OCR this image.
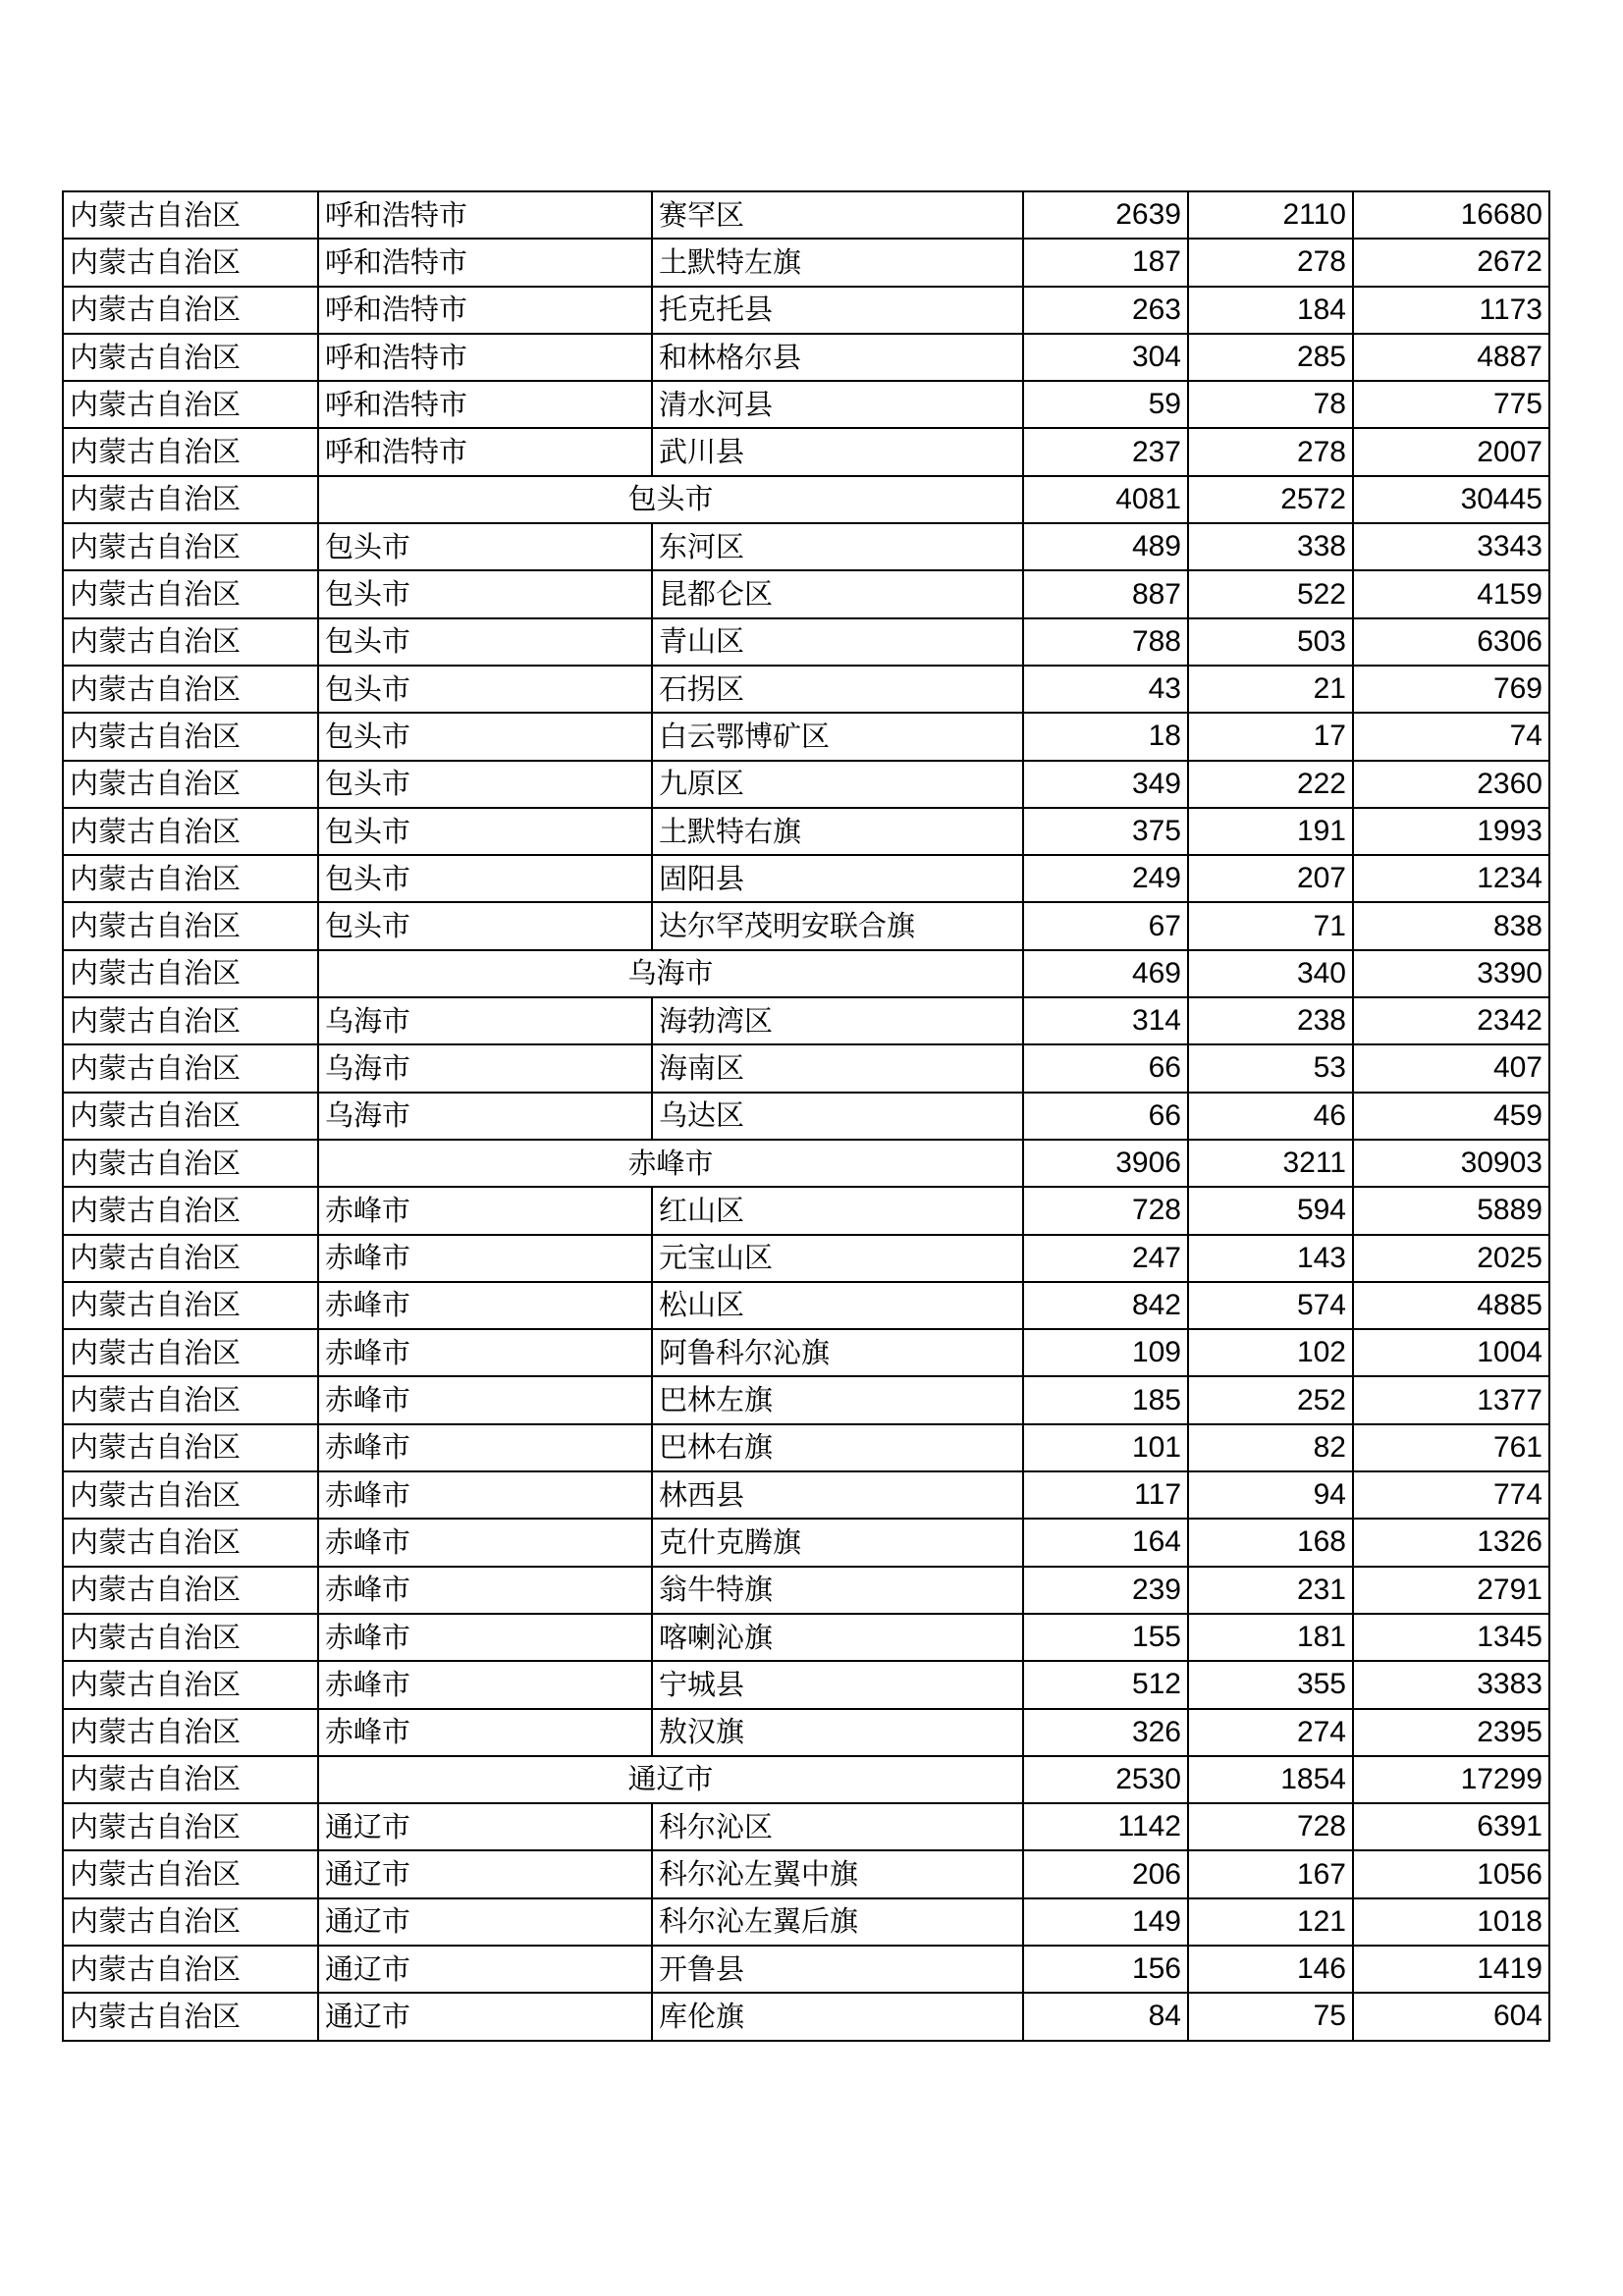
内蒙古自治区	呼和浩特市	赛罕区	2639	2110	16680
内蒙古自治区	呼和浩特市	土默特左旗	187	278	2672
内蒙古自治区	呼和浩特市	托克托县	263	184	1173
内蒙古自治区	呼和浩特市	和林格尔县	304	285	4887
内蒙古自治区	呼和浩特市	清水河县	59	78	775
内蒙古自治区	呼和浩特市	武川县	237	278	2007
内蒙古自治区	包头市		4081	2572	30445
内蒙古自治区	包头市	东河区	489	338	3343
内蒙古自治区	包头市	昆都仑区	887	522	4159
内蒙古自治区	包头市	青山区	788	503	6306
内蒙古自治区	包头市	石拐区	43	21	769
内蒙古自治区	包头市	白云鄂博矿区	18	17	74
内蒙古自治区	包头市	九原区	349	222	2360
内蒙古自治区	包头市	土默特右旗	375	191	1993
内蒙古自治区	包头市	固阳县	249	207	1234
内蒙古自治区	包头市	达尔罕茂明安联合旗	67	71	838
内蒙古自治区	乌海市		469	340	3390
内蒙古自治区	乌海市	海勃湾区	314	238	2342
内蒙古自治区	乌海市	海南区	66	53	407
内蒙古自治区	乌海市	乌达区	66	46	459
内蒙古自治区	赤峰市		3906	3211	30903
内蒙古自治区	赤峰市	红山区	728	594	5889
内蒙古自治区	赤峰市	元宝山区	247	143	2025
内蒙古自治区	赤峰市	松山区	842	574	4885
内蒙古自治区	赤峰市	阿鲁科尔沁旗	109	102	1004
内蒙古自治区	赤峰市	巴林左旗	185	252	1377
内蒙古自治区	赤峰市	巴林右旗	101	82	761
内蒙古自治区	赤峰市	林西县	117	94	774
内蒙古自治区	赤峰市	克什克腾旗	164	168	1326
内蒙古自治区	赤峰市	翁牛特旗	239	231	2791
内蒙古自治区	赤峰市	喀喇沁旗	155	181	1345
内蒙古自治区	赤峰市	宁城县	512	355	3383
内蒙古自治区	赤峰市	敖汉旗	326	274	2395
内蒙古自治区	通辽市		2530	1854	17299
内蒙古自治区	通辽市	科尔沁区	1142	728	6391
内蒙古自治区	通辽市	科尔沁左翼中旗	206	167	1056
内蒙古自治区	通辽市	科尔沁左翼后旗	149	121	1018
内蒙古自治区	通辽市	开鲁县	156	146	1419
内蒙古自治区	通辽市	库伦旗	84	75	604
